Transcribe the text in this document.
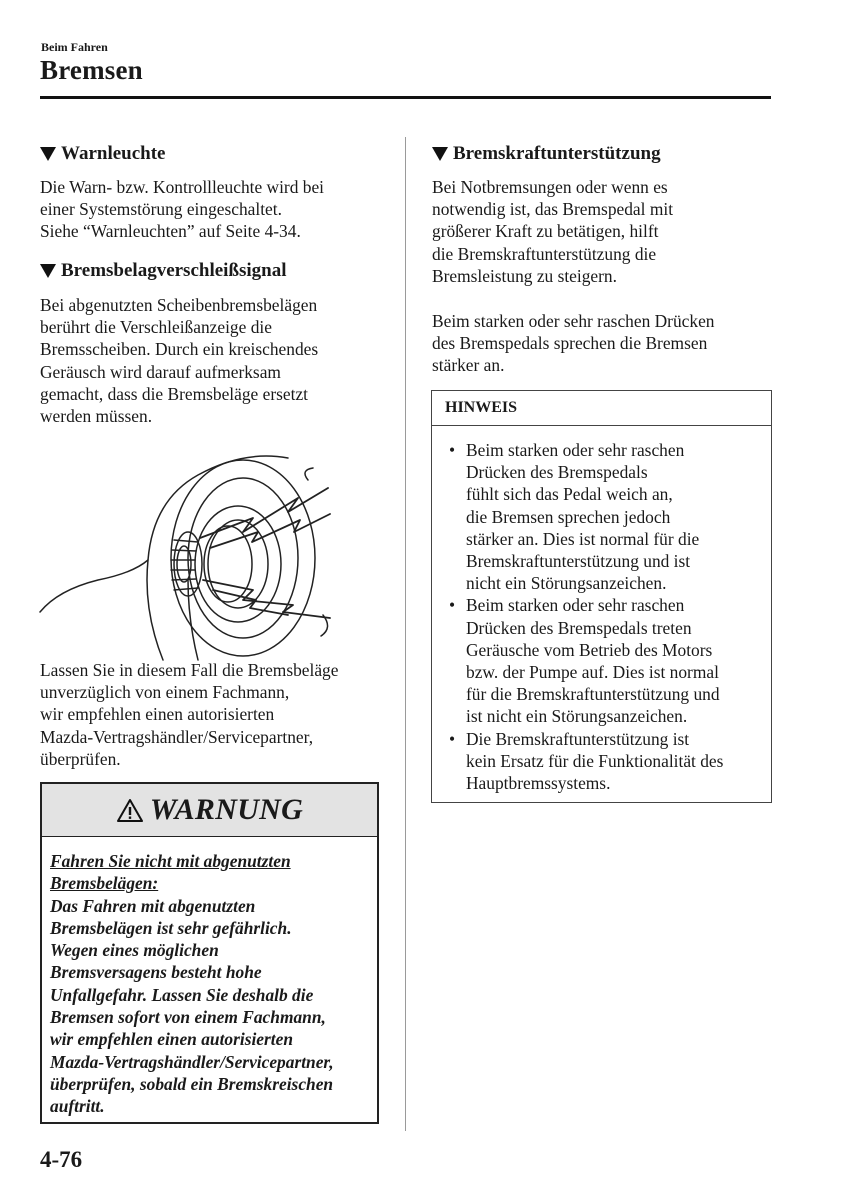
Beim Fahren
Bremsen
Warnleuchte
Die Warn- bzw. Kontrollleuchte wird bei
einer Systemstörung eingeschaltet.
Siehe “Warnleuchten” auf Seite 4-34.
Bremsbelagverschleißsignal
Bei abgenutzten Scheibenbremsbelägen
berührt die Verschleißanzeige die
Bremsscheiben. Durch ein kreischendes
Geräusch wird darauf aufmerksam
gemacht, dass die Bremsbeläge ersetzt
werden müssen.
Lassen Sie in diesem Fall die Bremsbeläge
unverzüglich von einem Fachmann,
wir empfehlen einen autorisierten
Mazda-Vertragshändler/Servicepartner,
überprüfen.
WARNUNG
Fahren Sie nicht mit abgenutzten
Bremsbelägen:
Das Fahren mit abgenutzten
Bremsbelägen ist sehr gefährlich.
Wegen eines möglichen
Bremsversagens besteht hohe
Unfallgefahr. Lassen Sie deshalb die
Bremsen sofort von einem Fachmann,
wir empfehlen einen autorisierten
Mazda-Vertragshändler/Servicepartner,
überprüfen, sobald ein Bremskreischen
auftritt.
Bremskraftunterstützung
Bei Notbremsungen oder wenn es
notwendig ist, das Bremspedal mit
größerer Kraft zu betätigen, hilft
die Bremskraftunterstützung die
Bremsleistung zu steigern.
Beim starken oder sehr raschen Drücken
des Bremspedals sprechen die Bremsen
stärker an.
HINWEIS
• Beim starken oder sehr raschen
Drücken des Bremspedals
fühlt sich das Pedal weich an,
die Bremsen sprechen jedoch
stärker an. Dies ist normal für die
Bremskraftunterstützung und ist
nicht ein Störungsanzeichen.
• Beim starken oder sehr raschen
Drücken des Bremspedals treten
Geräusche vom Betrieb des Motors
bzw. der Pumpe auf. Dies ist normal
für die Bremskraftunterstützung und
ist nicht ein Störungsanzeichen.
• Die Bremskraftunterstützung ist
kein Ersatz für die Funktionalität des
Hauptbremssystems.
4-76
